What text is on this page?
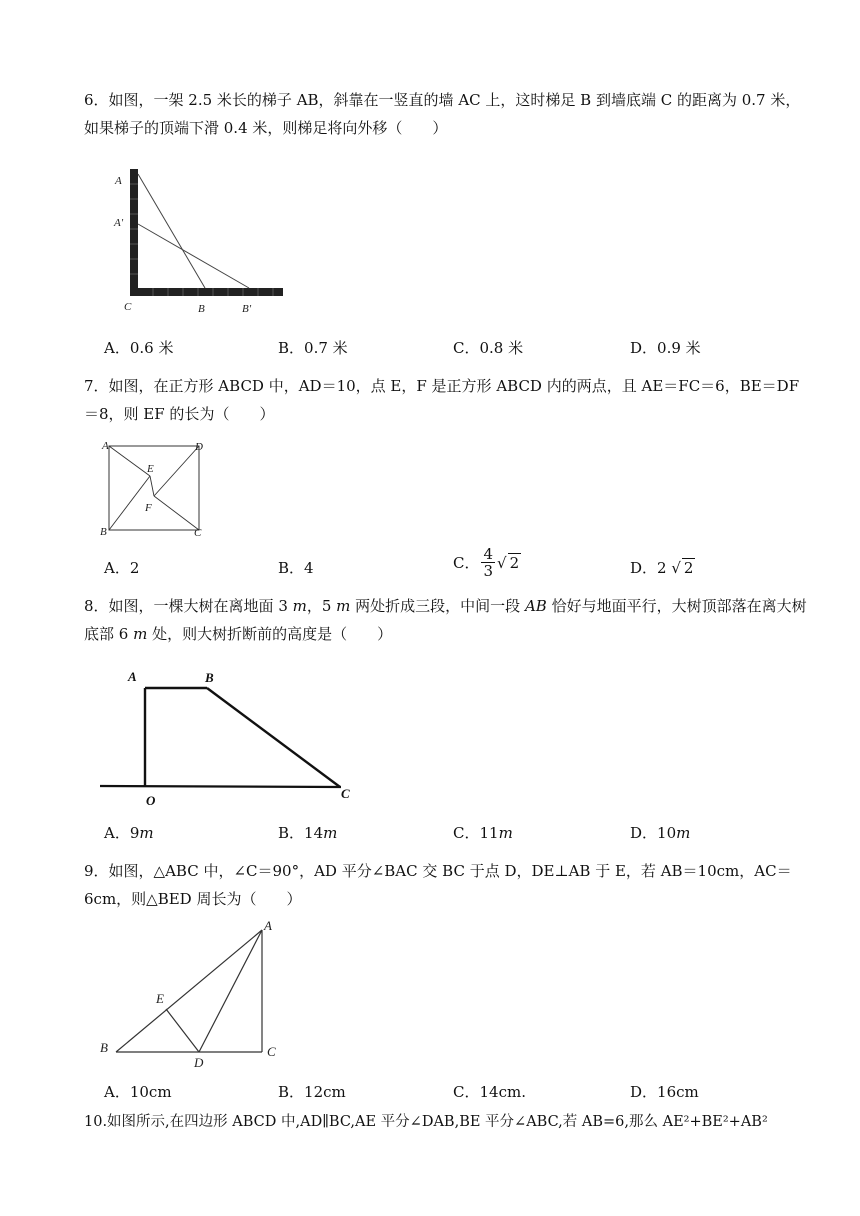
6．如图，一架 2.5 米长的梯子 AB，斜靠在一竖直的墙 AC 上，这时梯足 B 到墙底端 C 的距离为 0.7 米，如果梯子的顶端下滑 0.4 米，则梯足将向外移（　　）
A
A'
C	B	B'
A．0.6 米	B．0.7 米	C．0.8 米	D．0.9 米
7．如图，在正方形 ABCD 中，AD＝10，点 E，F 是正方形 ABCD 内的两点，且 AE＝FC＝6，BE＝DF＝8，则 EF 的长为（　　）
A	D
E
F
B	C
A．2	B．4	C． $\frac{4}{3}$ √ 2	D．2 √ 2
8．如图，一棵大树在离地面 3 m，5 m 两处折成三段，中间一段 AB 恰好与地面平行，大树顶部落在离大树底部 6 m 处，则大树折断前的高度是（　　）
A	B
O	C
A．9m	B．14m	C．11m	D．10m
9．如图，△ABC 中，∠C＝90°，AD 平分∠BAC 交 BC 于点 D，DE⊥AB 于 E，若 AB＝10cm，AC＝6cm，则△BED 周长为（　　）
A
E
B
D
C
A．10cm	B．12cm	C．14cm.	D．16cm
10.如图所示,在四边形 ABCD 中,AD∥BC,AE 平分∠DAB,BE 平分∠ABC,若 AB=6,那么 AE²+BE²+AB²
